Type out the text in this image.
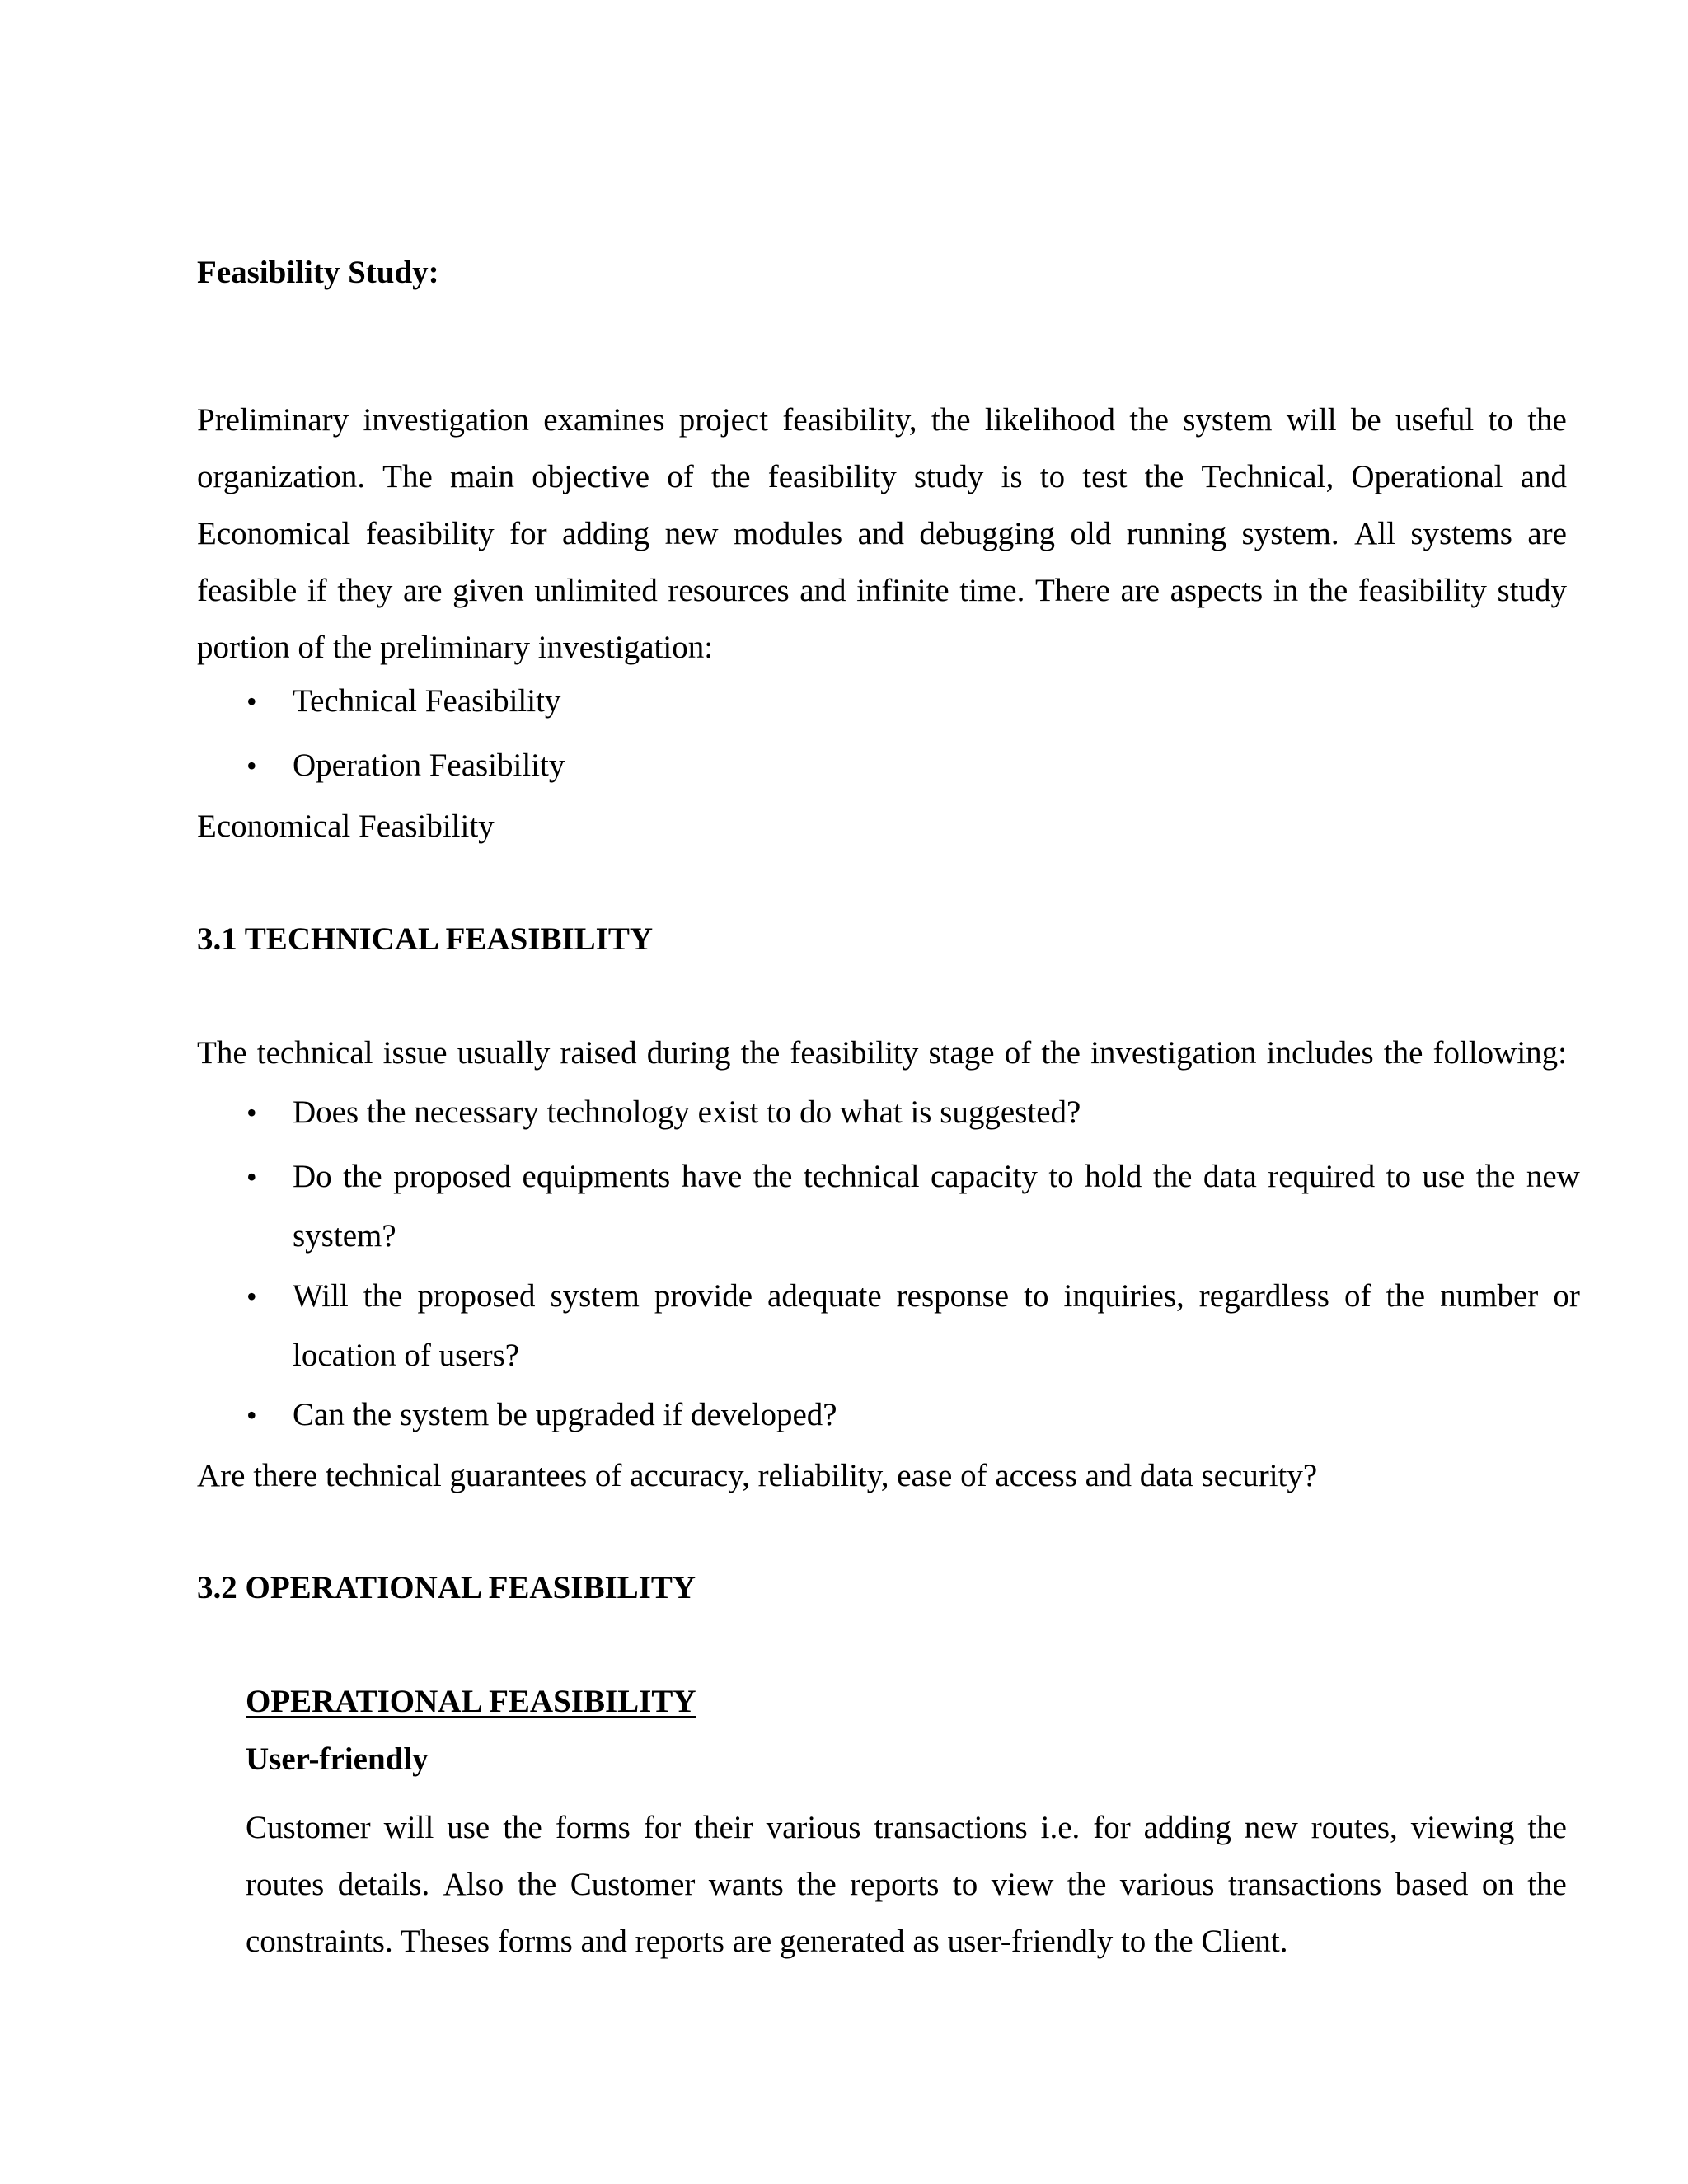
Feasibility Study:
Preliminary investigation examines project feasibility, the likelihood the system will be useful to the
organization. The main objective of the feasibility study is to test the Technical, Operational and
Economical feasibility for adding new modules and debugging old running system. All systems are
feasible if they are given unlimited resources and infinite time. There are aspects in the feasibility study
portion of the preliminary investigation:
•	Technical Feasibility
•	Operation Feasibility
Economical Feasibility
3.1 TECHNICAL FEASIBILITY
The technical issue usually raised during the feasibility stage of the investigation includes the following:
•	Does the necessary technology exist to do what is suggested?
•	Do the proposed equipments have the technical capacity to hold the data required to use the new
system?
•	Will the proposed system provide adequate response to inquiries, regardless of the number or
location of users?
•	Can the system be upgraded if developed?
Are there technical guarantees of accuracy, reliability, ease of access and data security?
3.2 OPERATIONAL FEASIBILITY
OPERATIONAL FEASIBILITY
User-friendly
Customer will use the forms for their various transactions i.e. for adding new routes, viewing the
routes details. Also the Customer wants the reports to view the various transactions based on the
constraints. Theses forms and reports are generated as user-friendly to the Client.
